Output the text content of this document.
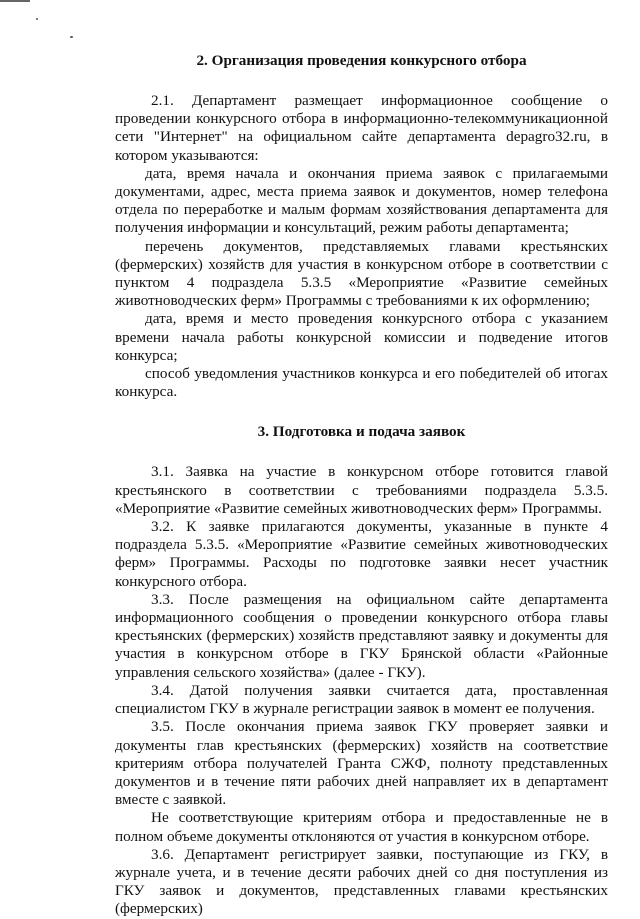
2. Организация проведения конкурсного отбора

2.1. Департамент размещает информационное сообщение о проведении конкурсного отбора в информационно-телекоммуникационной сети "Интернет" на официальном сайте департамента depagro32.ru, в котором указываются:

дата, время начала и окончания приема заявок с прилагаемыми документами, адрес, места приема заявок и документов, номер телефона отдела по переработке и малым формам хозяйствования департамента для получения информации и консультаций, режим работы департамента;

перечень документов, представляемых главами крестьянских (фермерских) хозяйств для участия в конкурсном отборе в соответствии с пунктом 4 подраздела 5.3.5 «Мероприятие «Развитие семейных животноводческих ферм» Программы с требованиями к их оформлению;

дата, время и место проведения конкурсного отбора с указанием времени начала работы конкурсной комиссии и подведение итогов конкурса;

способ уведомления участников конкурса и его победителей об итогах конкурса.

3. Подготовка и подача заявок

3.1. Заявка на участие в конкурсном отборе готовится главой крестьянского в соответствии с требованиями подраздела 5.3.5. «Мероприятие «Развитие семейных животноводческих ферм» Программы.

3.2. К заявке прилагаются документы, указанные в пункте 4 подраздела 5.3.5. «Мероприятие «Развитие семейных животноводческих ферм» Программы. Расходы по подготовке заявки несет участник конкурсного отбора.

3.3. После размещения на официальном сайте департамента информационного сообщения о проведении конкурсного отбора главы крестьянских (фермерских) хозяйств представляют заявку и документы для участия в конкурсном отборе в ГКУ Брянской области «Районные управления сельского хозяйства» (далее - ГКУ).

3.4. Датой получения заявки считается дата, проставленная специалистом ГКУ в журнале регистрации заявок в момент ее получения.

3.5. После окончания приема заявок ГКУ проверяет заявки и документы глав крестьянских (фермерских) хозяйств на соответствие критериям отбора получателей Гранта СЖФ, полноту представленных документов и в течение пяти рабочих дней направляет их в департамент вместе с заявкой.

Не соответствующие критериям отбора и предоставленные не в полном объеме документы отклоняются от участия в конкурсном отборе.

3.6. Департамент регистрирует заявки, поступающие из ГКУ, в журнале учета, и в течение десяти рабочих дней со дня поступления из ГКУ заявок и документов, представленных главами крестьянских (фермерских)
